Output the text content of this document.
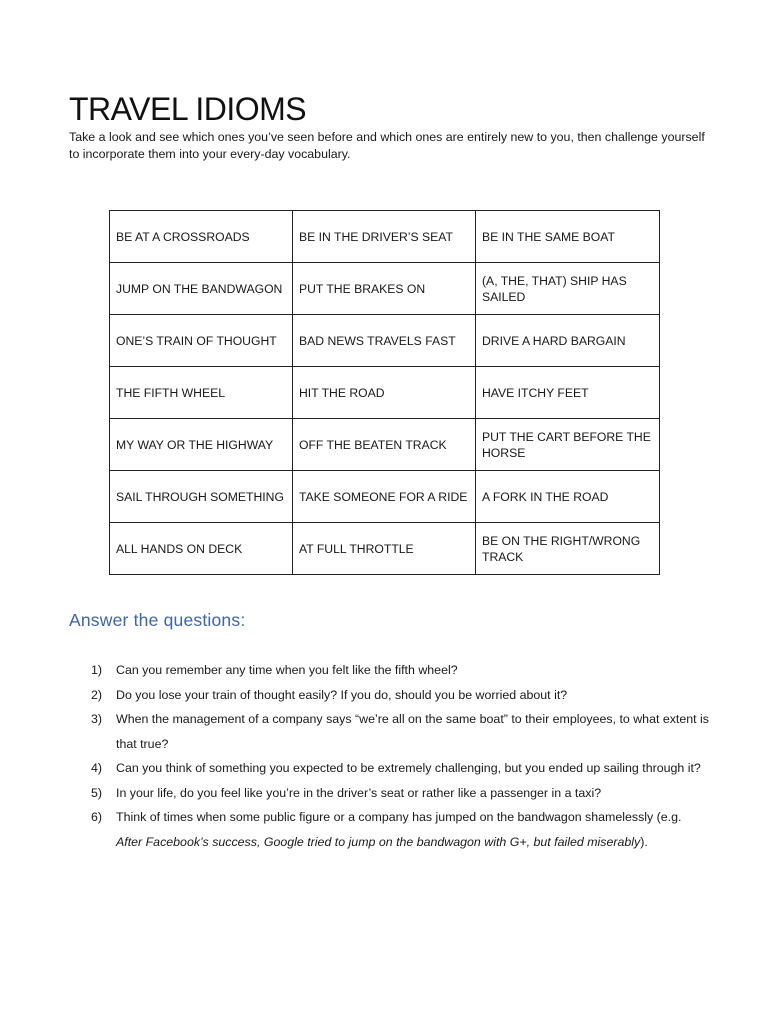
TRAVEL IDIOMS

Take a look and see which ones you’ve seen before and which ones are entirely new to you, then challenge yourself to incorporate them into your every-day vocabulary.

BE AT A CROSSROADS	BE IN THE DRIVER’S SEAT	BE IN THE SAME BOAT
JUMP ON THE BANDWAGON	PUT THE BRAKES ON	(A, THE, THAT) SHIP HAS SAILED
ONE’S TRAIN OF THOUGHT	BAD NEWS TRAVELS FAST	DRIVE A HARD BARGAIN
THE FIFTH WHEEL	HIT THE ROAD	HAVE ITCHY FEET
MY WAY OR THE HIGHWAY	OFF THE BEATEN TRACK	PUT THE CART BEFORE THE HORSE
SAIL THROUGH SOMETHING	TAKE SOMEONE FOR A RIDE	A FORK IN THE ROAD
ALL HANDS ON DECK	AT FULL THROTTLE	BE ON THE RIGHT/WRONG TRACK
Answer the questions:
1) Can you remember any time when you felt like the fifth wheel?
2) Do you lose your train of thought easily? If you do, should you be worried about it?
3) When the management of a company says “we’re all on the same boat” to their employees, to what extent is that true?
4) Can you think of something you expected to be extremely challenging, but you ended up sailing through it?
5) In your life, do you feel like you’re in the driver’s seat or rather like a passenger in a taxi?
6) Think of times when some public figure or a company has jumped on the bandwagon shamelessly (e.g. After Facebook’s success, Google tried to jump on the bandwagon with G+, but failed miserably).
